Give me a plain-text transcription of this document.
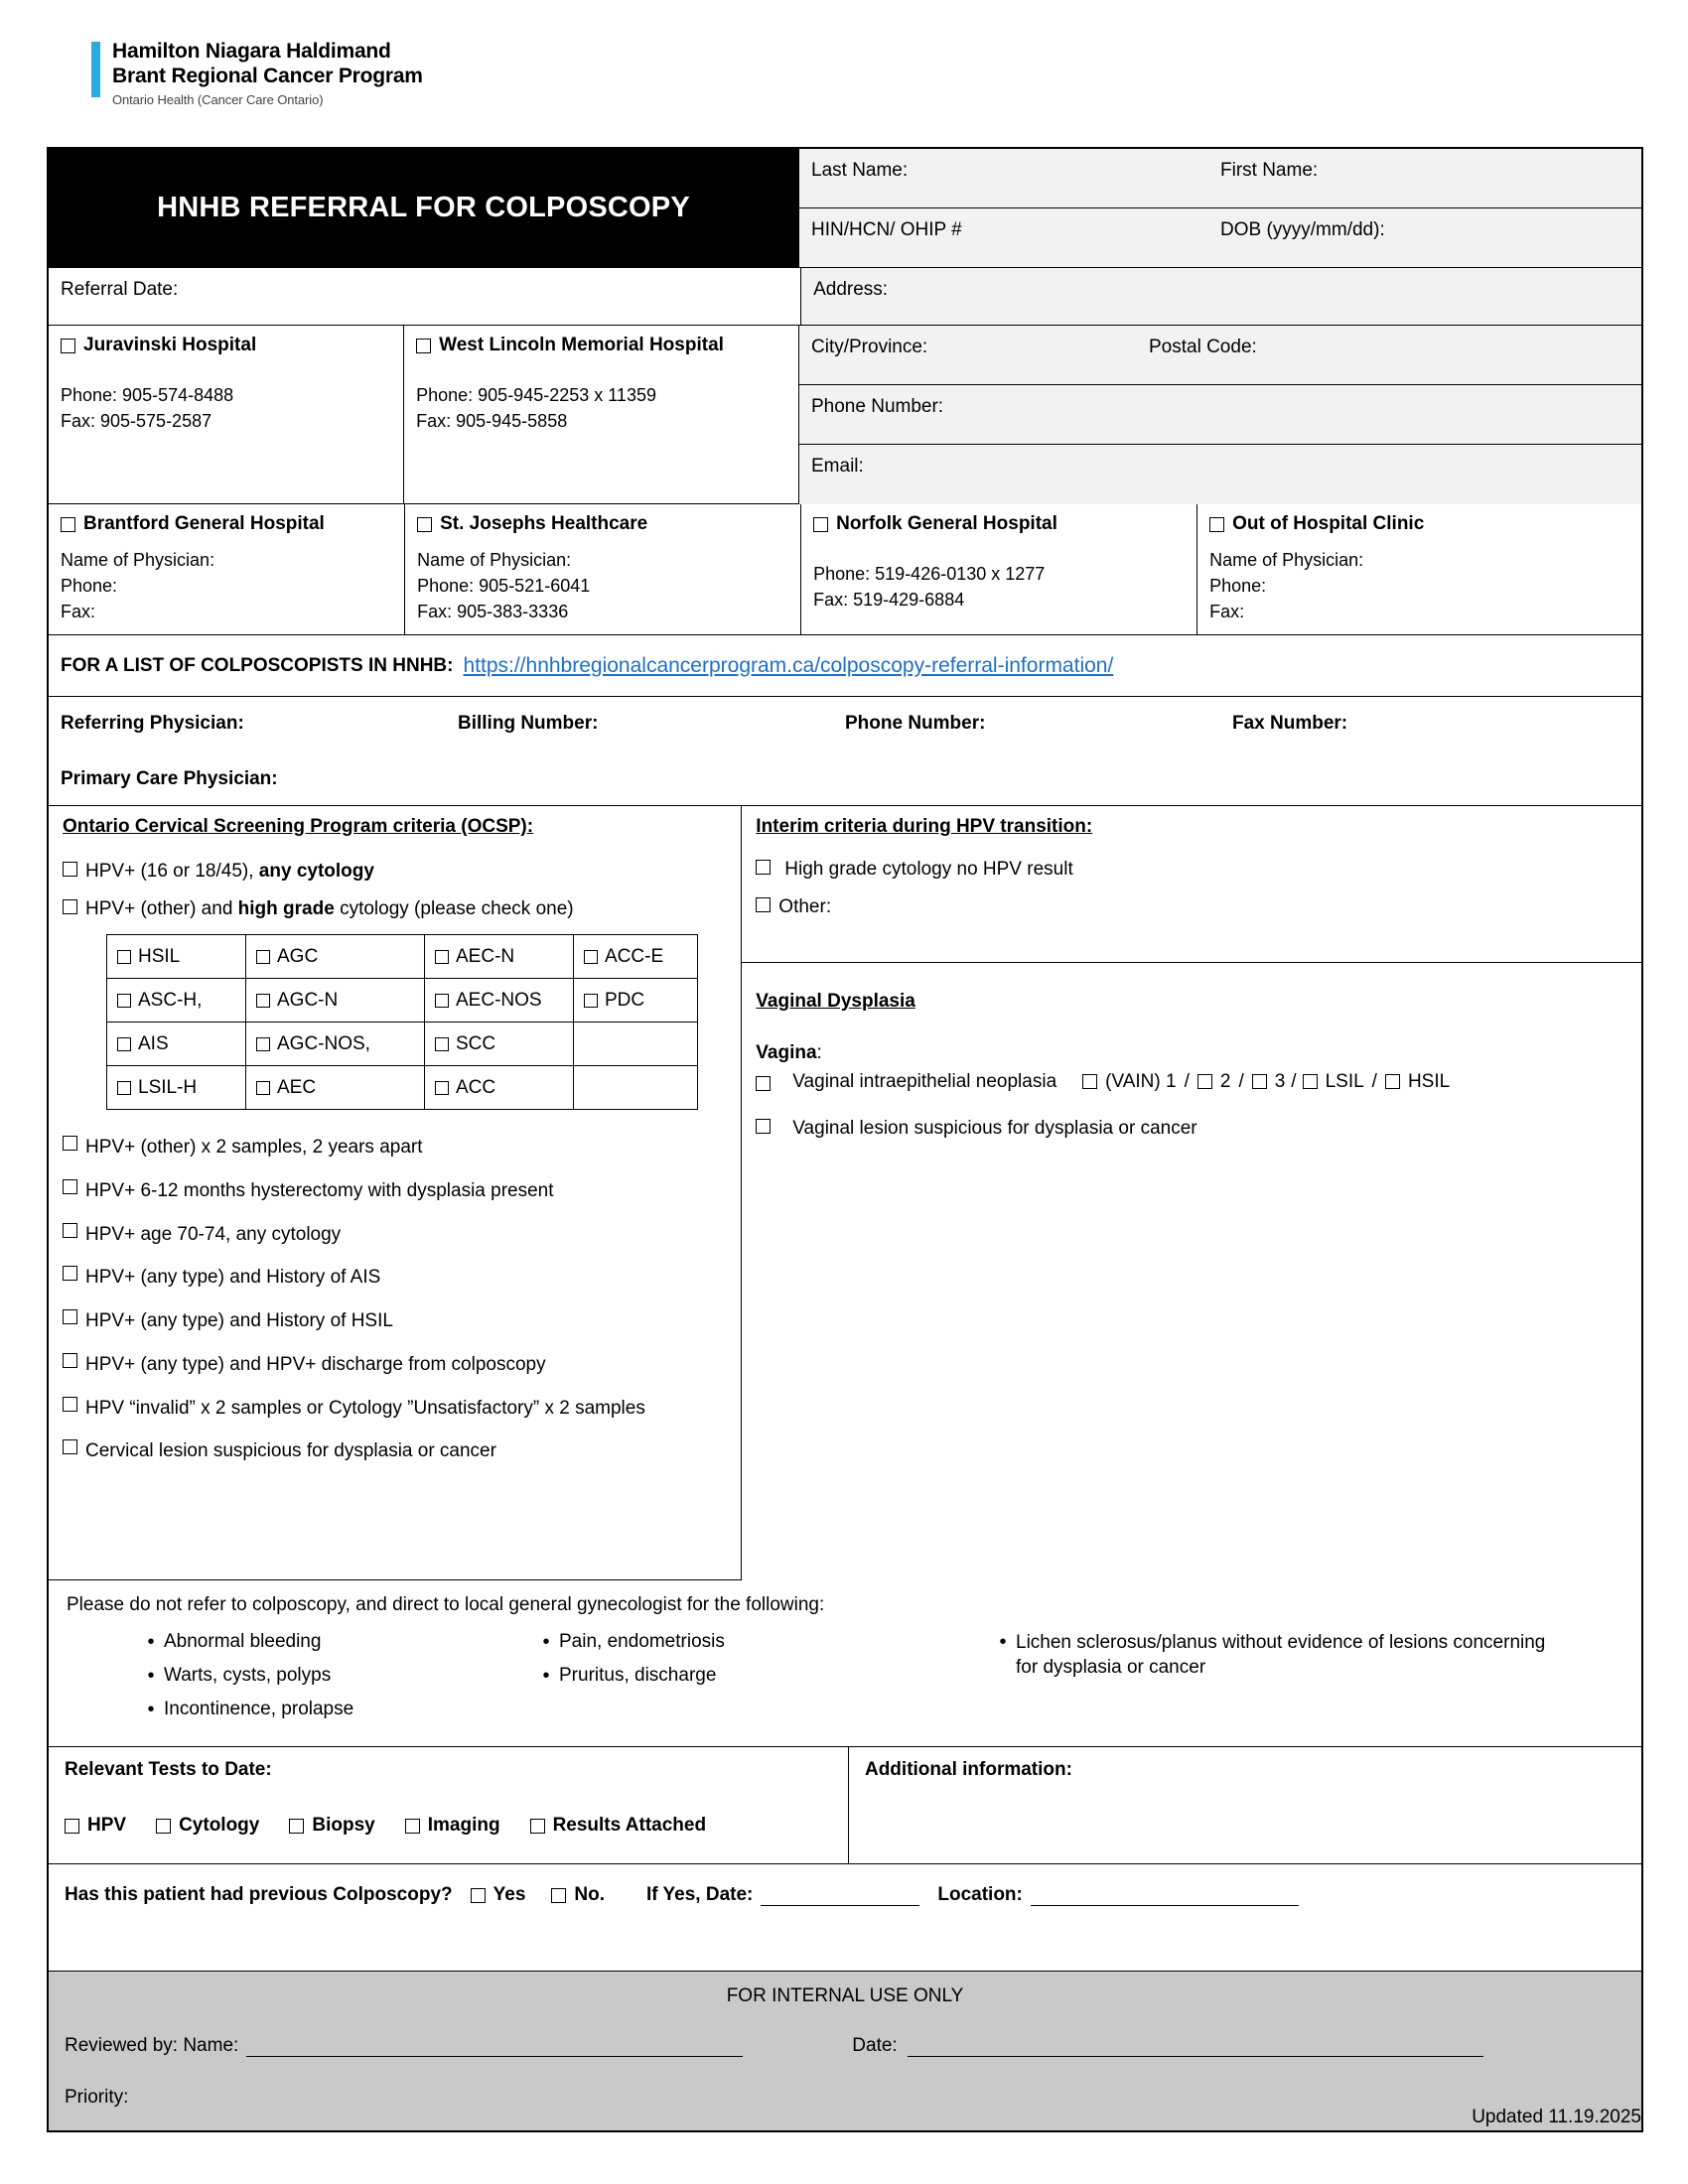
Hamilton Niagara Haldimand
Brant Regional Cancer Program
Ontario Health (Cancer Care Ontario)
HNHB REFERRAL FOR COLPOSCOPY
Last Name:	First Name:
HIN/HCN/ OHIP #	DOB (yyyy/mm/dd):
Referral Date:	Address:
Juravinski Hospital
Phone: 905-574-8488
Fax: 905-575-2587
West Lincoln Memorial Hospital
Phone: 905-945-2253 x 11359
Fax: 905-945-5858
City/Province:	Postal Code:
Phone Number:
Email:
Brantford General Hospital
Name of Physician:
Phone:
Fax:
St. Josephs Healthcare
Name of Physician:
Phone: 905-521-6041
Fax: 905-383-3336
Norfolk General Hospital
Phone: 519-426-0130 x 1277
Fax: 519-429-6884
Out of Hospital Clinic
Name of Physician:
Phone:
Fax:
FOR A LIST OF COLPOSCOPISTS IN HNHB: https://hnhbregionalcancerprogram.ca/colposcopy-referral-information/
Referring Physician:	Billing Number:	Phone Number:	Fax Number:
Primary Care Physician:
Ontario Cervical Screening Program criteria (OCSP):
HPV+ (16 or 18/45), any cytology
HPV+ (other) and high grade cytology (please check one)
HSIL	AGC	AEC-N	ACC-E
ASC-H,	AGC-N	AEC-NOS	PDC
AIS	AGC-NOS,	SCC	
LSIL-H	AEC	ACC	
HPV+ (other) x 2 samples, 2 years apart
HPV+ 6-12 months hysterectomy with dysplasia present
HPV+ age 70-74, any cytology
HPV+ (any type) and History of AIS
HPV+ (any type) and History of HSIL
HPV+ (any type) and HPV+ discharge from colposcopy
HPV “invalid” x 2 samples or Cytology ”Unsatisfactory” x 2 samples
Cervical lesion suspicious for dysplasia or cancer
Interim criteria during HPV transition:
High grade cytology no HPV result
Other:
Vaginal Dysplasia
Vagina:
Vaginal intraepithelial neoplasia	(VAIN) 1 /	2 /	3 /	LSIL /	HSIL
Vaginal lesion suspicious for dysplasia or cancer
Please do not refer to colposcopy, and direct to local general gynecologist for the following:
• Abnormal bleeding
• Warts, cysts, polyps
• Incontinence, prolapse
• Pain, endometriosis
• Pruritus, discharge
• Lichen sclerosus/planus without evidence of lesions concerning for dysplasia or cancer
Relevant Tests to Date:
HPV	Cytology	Biopsy	Imaging	Results Attached
Additional information:
Has this patient had previous Colposcopy? Yes	No. If Yes, Date:	Location:
FOR INTERNAL USE ONLY
Reviewed by: Name:	Date:
Priority:
Updated 11.19.2025
